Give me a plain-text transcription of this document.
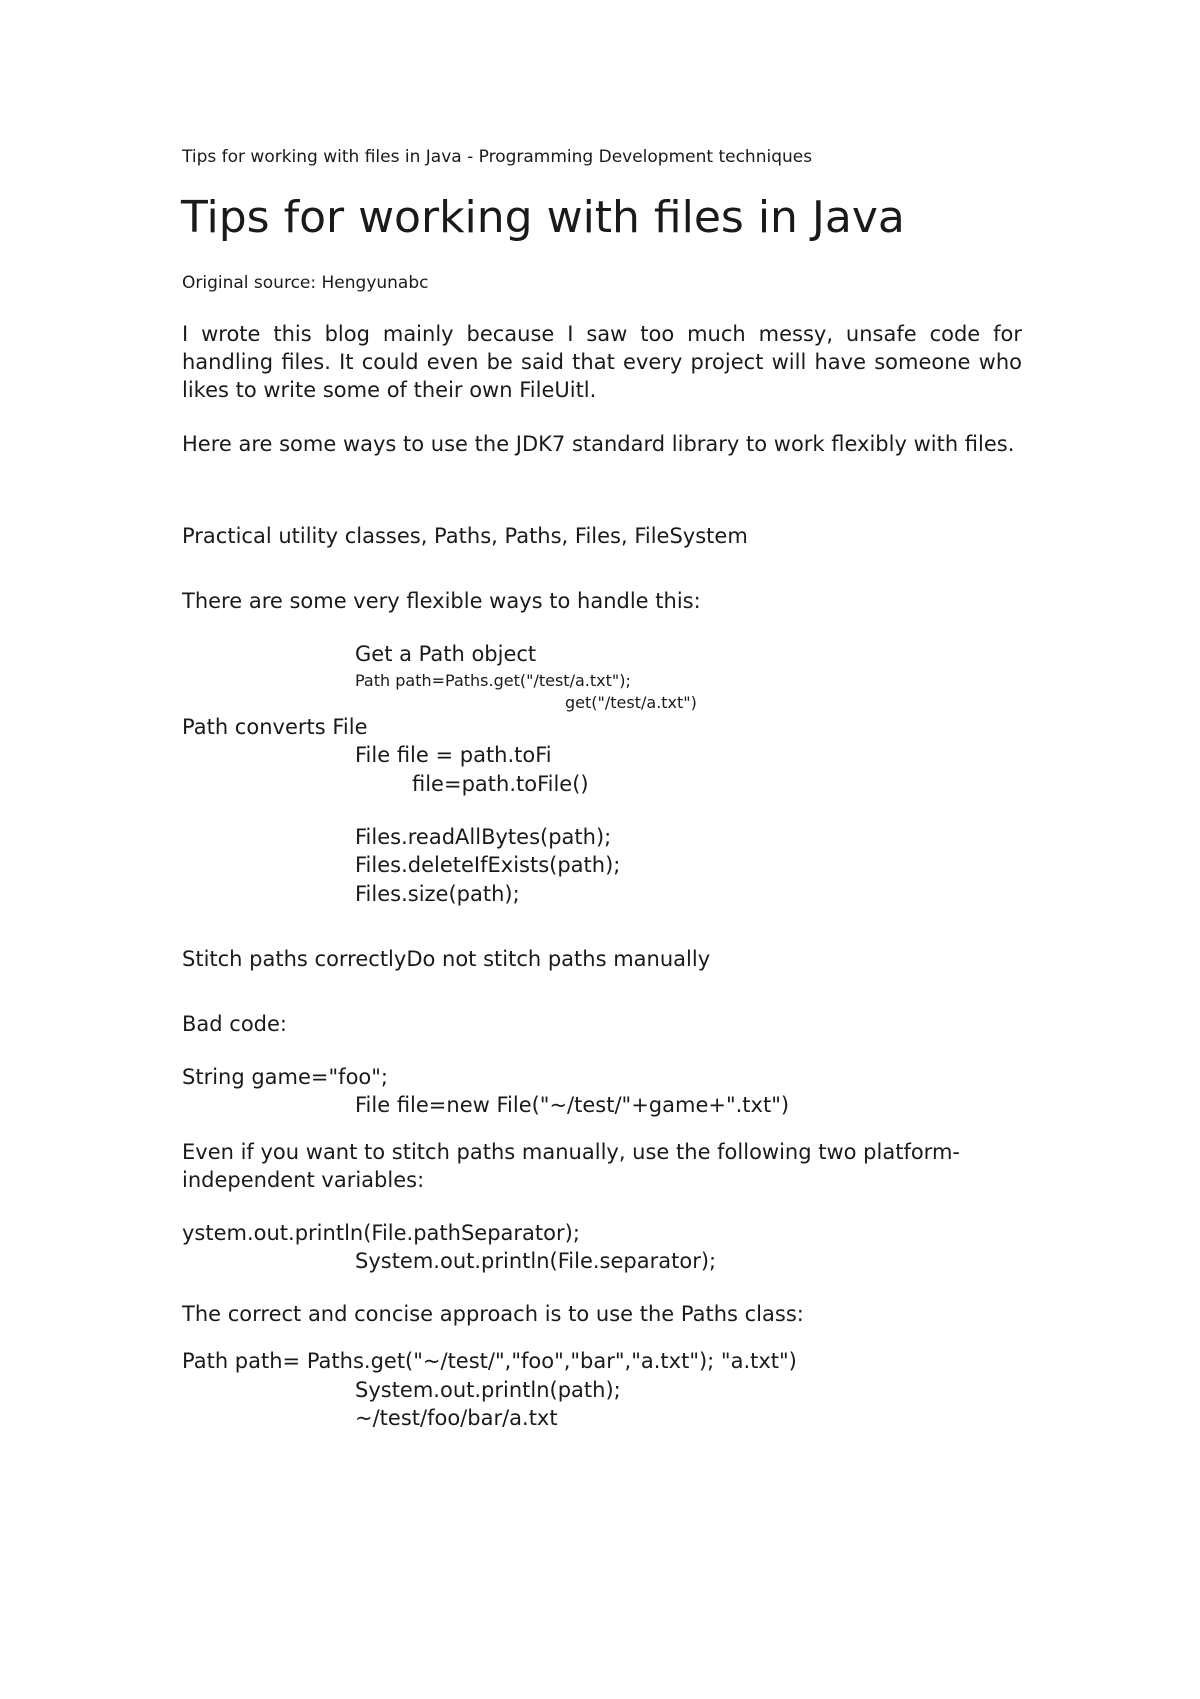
Tips for working with files in Java - Programming Development techniques

Tips for working with files in Java

Original source: Hengyunabc

I wrote this blog mainly because I saw too much messy, unsafe code for handling files. It could even be said that every project will have someone who likes to write some of their own FileUitl.

Here are some ways to use the JDK7 standard library to work flexibly with files.

Practical utility classes, Paths, Paths, Files, FileSystem

There are some very flexible ways to handle this:

Get a Path object

Path path=Paths.get("/test/a.txt");

get("/test/a.txt")

Path converts File

File file = path.toFi

file=path.toFile()

Files.readAllBytes(path);

Files.deleteIfExists(path);

Files.size(path);

Stitch paths correctlyDo not stitch paths manually

Bad code:

String game="foo";

File file=new File("~/test/"+game+".txt")

Even if you want to stitch paths manually, use the following two platform-

independent variables:

ystem.out.println(File.pathSeparator);

System.out.println(File.separator);

The correct and concise approach is to use the Paths class:

Path path= Paths.get("~/test/","foo","bar","a.txt"); "a.txt")

System.out.println(path);

~/test/foo/bar/a.txt
